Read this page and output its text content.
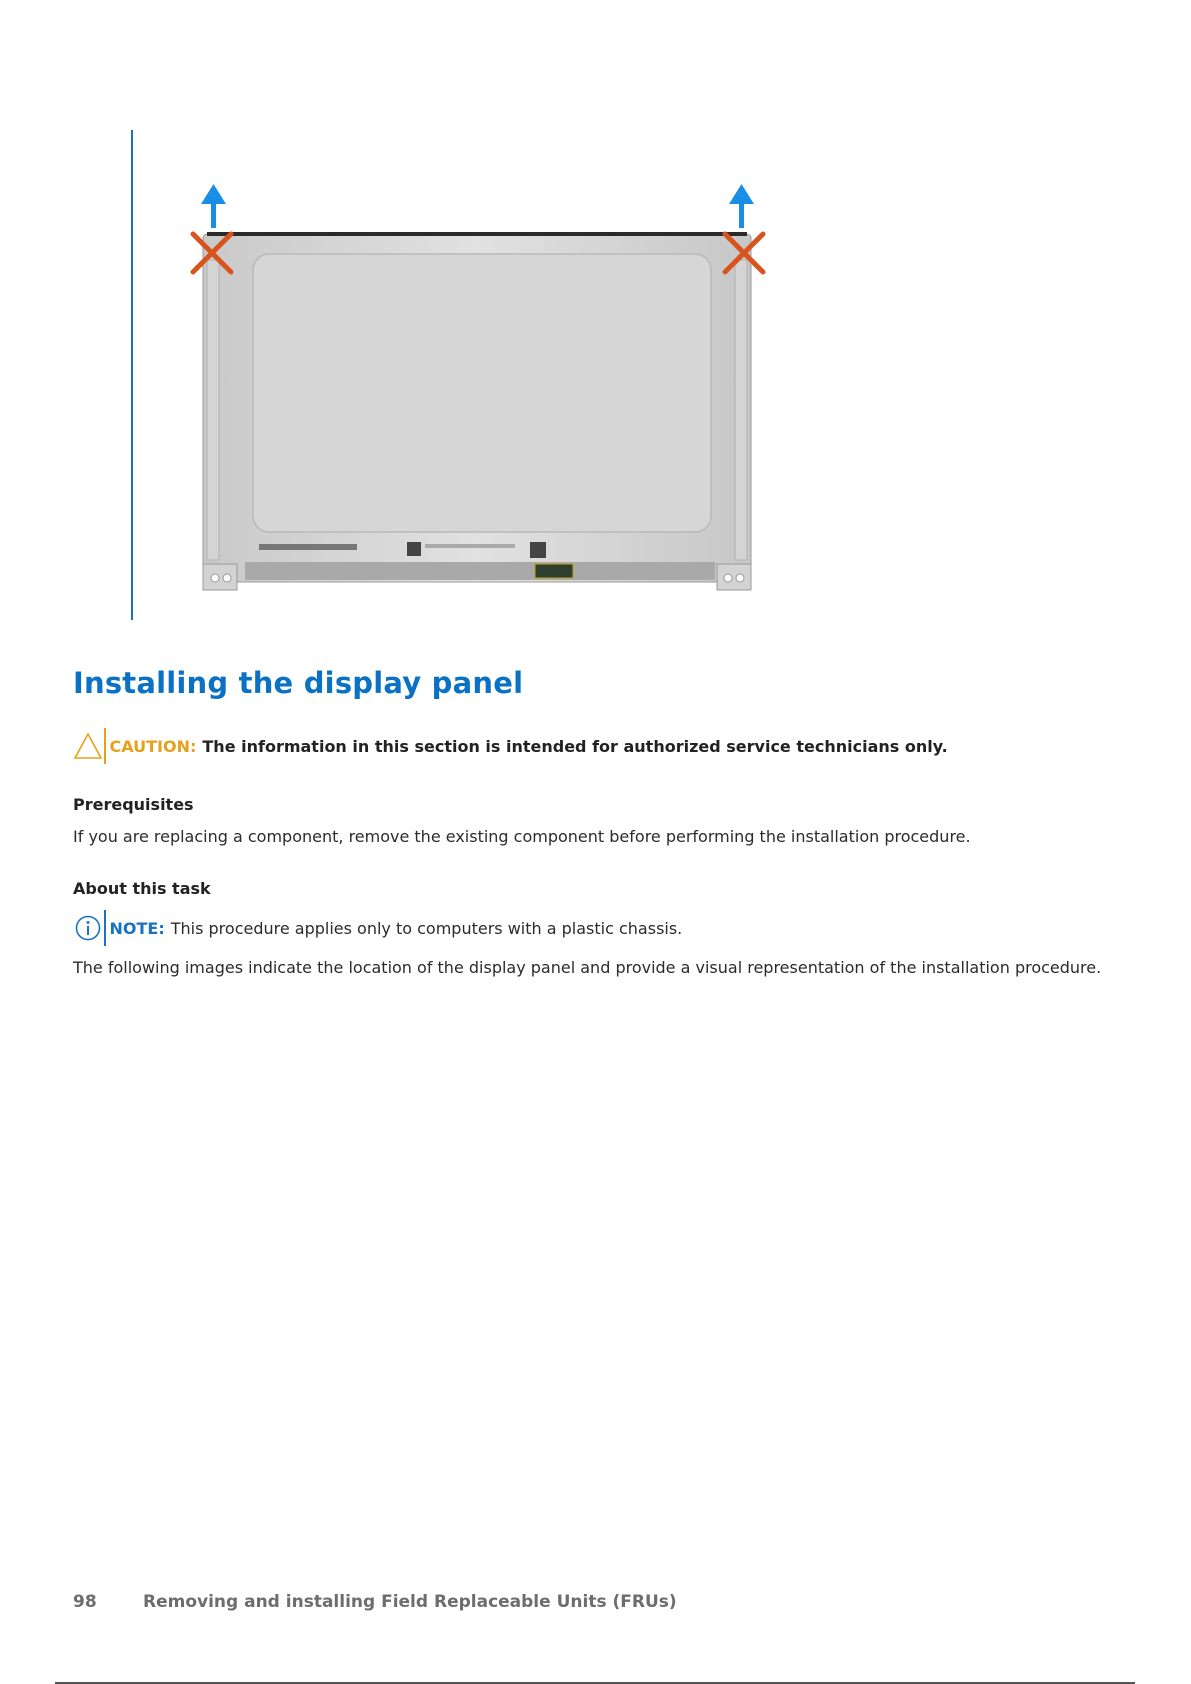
Installing the display panel
CAUTION: The information in this section is intended for authorized service technicians only.
Prerequisites

If you are replacing a component, remove the existing component before performing the installation procedure.

About this task
NOTE: This procedure applies only to computers with a plastic chassis.

The following images indicate the location of the display panel and provide a visual representation of the installation procedure.

98	Removing and installing Field Replaceable Units (FRUs)
